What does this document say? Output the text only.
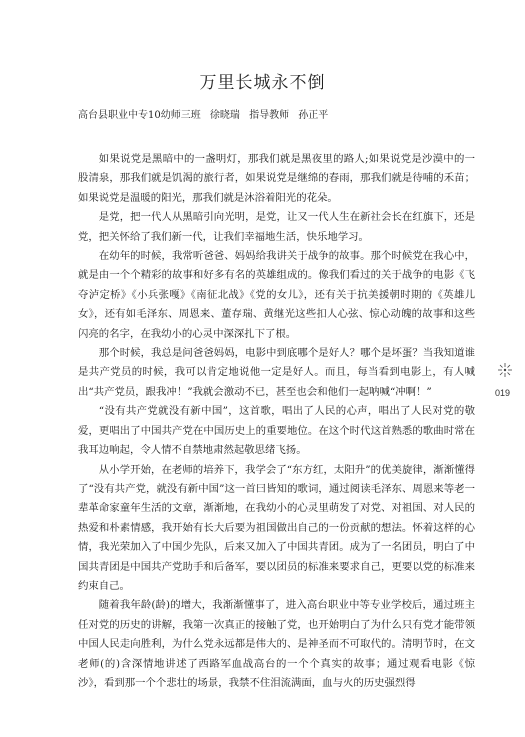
万里长城永不倒
高台县职业中专10幼师三班 徐晓瑞 指导教师 孙正平

如果说党是黑暗中的一盏明灯，那我们就是黑夜里的路人;如果说党是沙漠中的一股清泉，那我们就是饥渴的旅行者，如果说党是继绵的春雨，那我们就是待哺的禾苗；如果说党是温暖的阳光，那我们就是沐浴着阳光的花朵。

是党，把一代人从黑暗引向光明，是党，让又一代人生在新社会长在红旗下，还是党，把关怀给了我们新一代，让我们幸福地生活，快乐地学习。

在幼年的时候，我常听爸爸、妈妈给我讲关于战争的故事。那个时候党在我心中，就是由一个个精彩的故事和好多有名的英雄组成的。像我们看过的关于战争的电影《飞夺泸定桥》《小兵张嘎》《南征北战》《党的女儿》，还有关于抗美援朝时期的《英雄儿女》，还有如毛泽东、周恩来、董存瑞、黄继光这些扣人心弦、惊心动魄的故事和这些闪亮的名字，在我幼小的心灵中深深扎下了根。

那个时候，我总是问爸爸妈妈，电影中到底哪个是好人？哪个是坏蛋？当我知道谁是共产党员的时候，我可以肯定地说他一定是好人。而且，每当看到电影上，有人喊出“共产党员，跟我冲！”我就会激动不已，甚至也会和他们一起呐喊“冲啊！”

“没有共产党就没有新中国”，这首歌，唱出了人民的心声，唱出了人民对党的敬爱，更唱出了中国共产党在中国历史上的重要地位。在这个时代这首熟悉的歌曲时常在我耳边响起，令人情不自禁地肃然起敬思绪飞扬。

从小学开始，在老师的培养下，我学会了“东方红，太阳升”的优美旋律，渐渐懂得了“没有共产党，就没有新中国”这一首曰皆知的歌词，通过阅读毛泽东、周恩来等老一辈革命家童年生活的文章，渐渐地，在我幼小的心灵里萌发了对党、对祖国、对人民的热爱和朴素情感，我开始有长大后要为祖国做出自己的一份贡献的想法。怀着这样的心情，我光荣加入了中国少先队，后来又加入了中国共青团。成为了一名团员，明白了中国共青团是中国共产党助手和后备军，要以团员的标准来要求自己，更要以党的标准来约束自己。

随着我年龄(龄)的增大，我渐渐懂事了，进入高台职业中等专业学校后，通过班主任对党的历史的讲解，我第一次真正的接触了党，也开始明白了为什么只有党才能带领中国人民走向胜利，为什么党永远都是伟大的、是神圣而不可取代的。清明节时，在文老师(的)含深情地讲述了西路军血战高台的一个个真实的故事；通过观看电影《惊沙》，看到那一个个悲壮的场景，我禁不住泪流满面，血与火的历史强烈得

019
